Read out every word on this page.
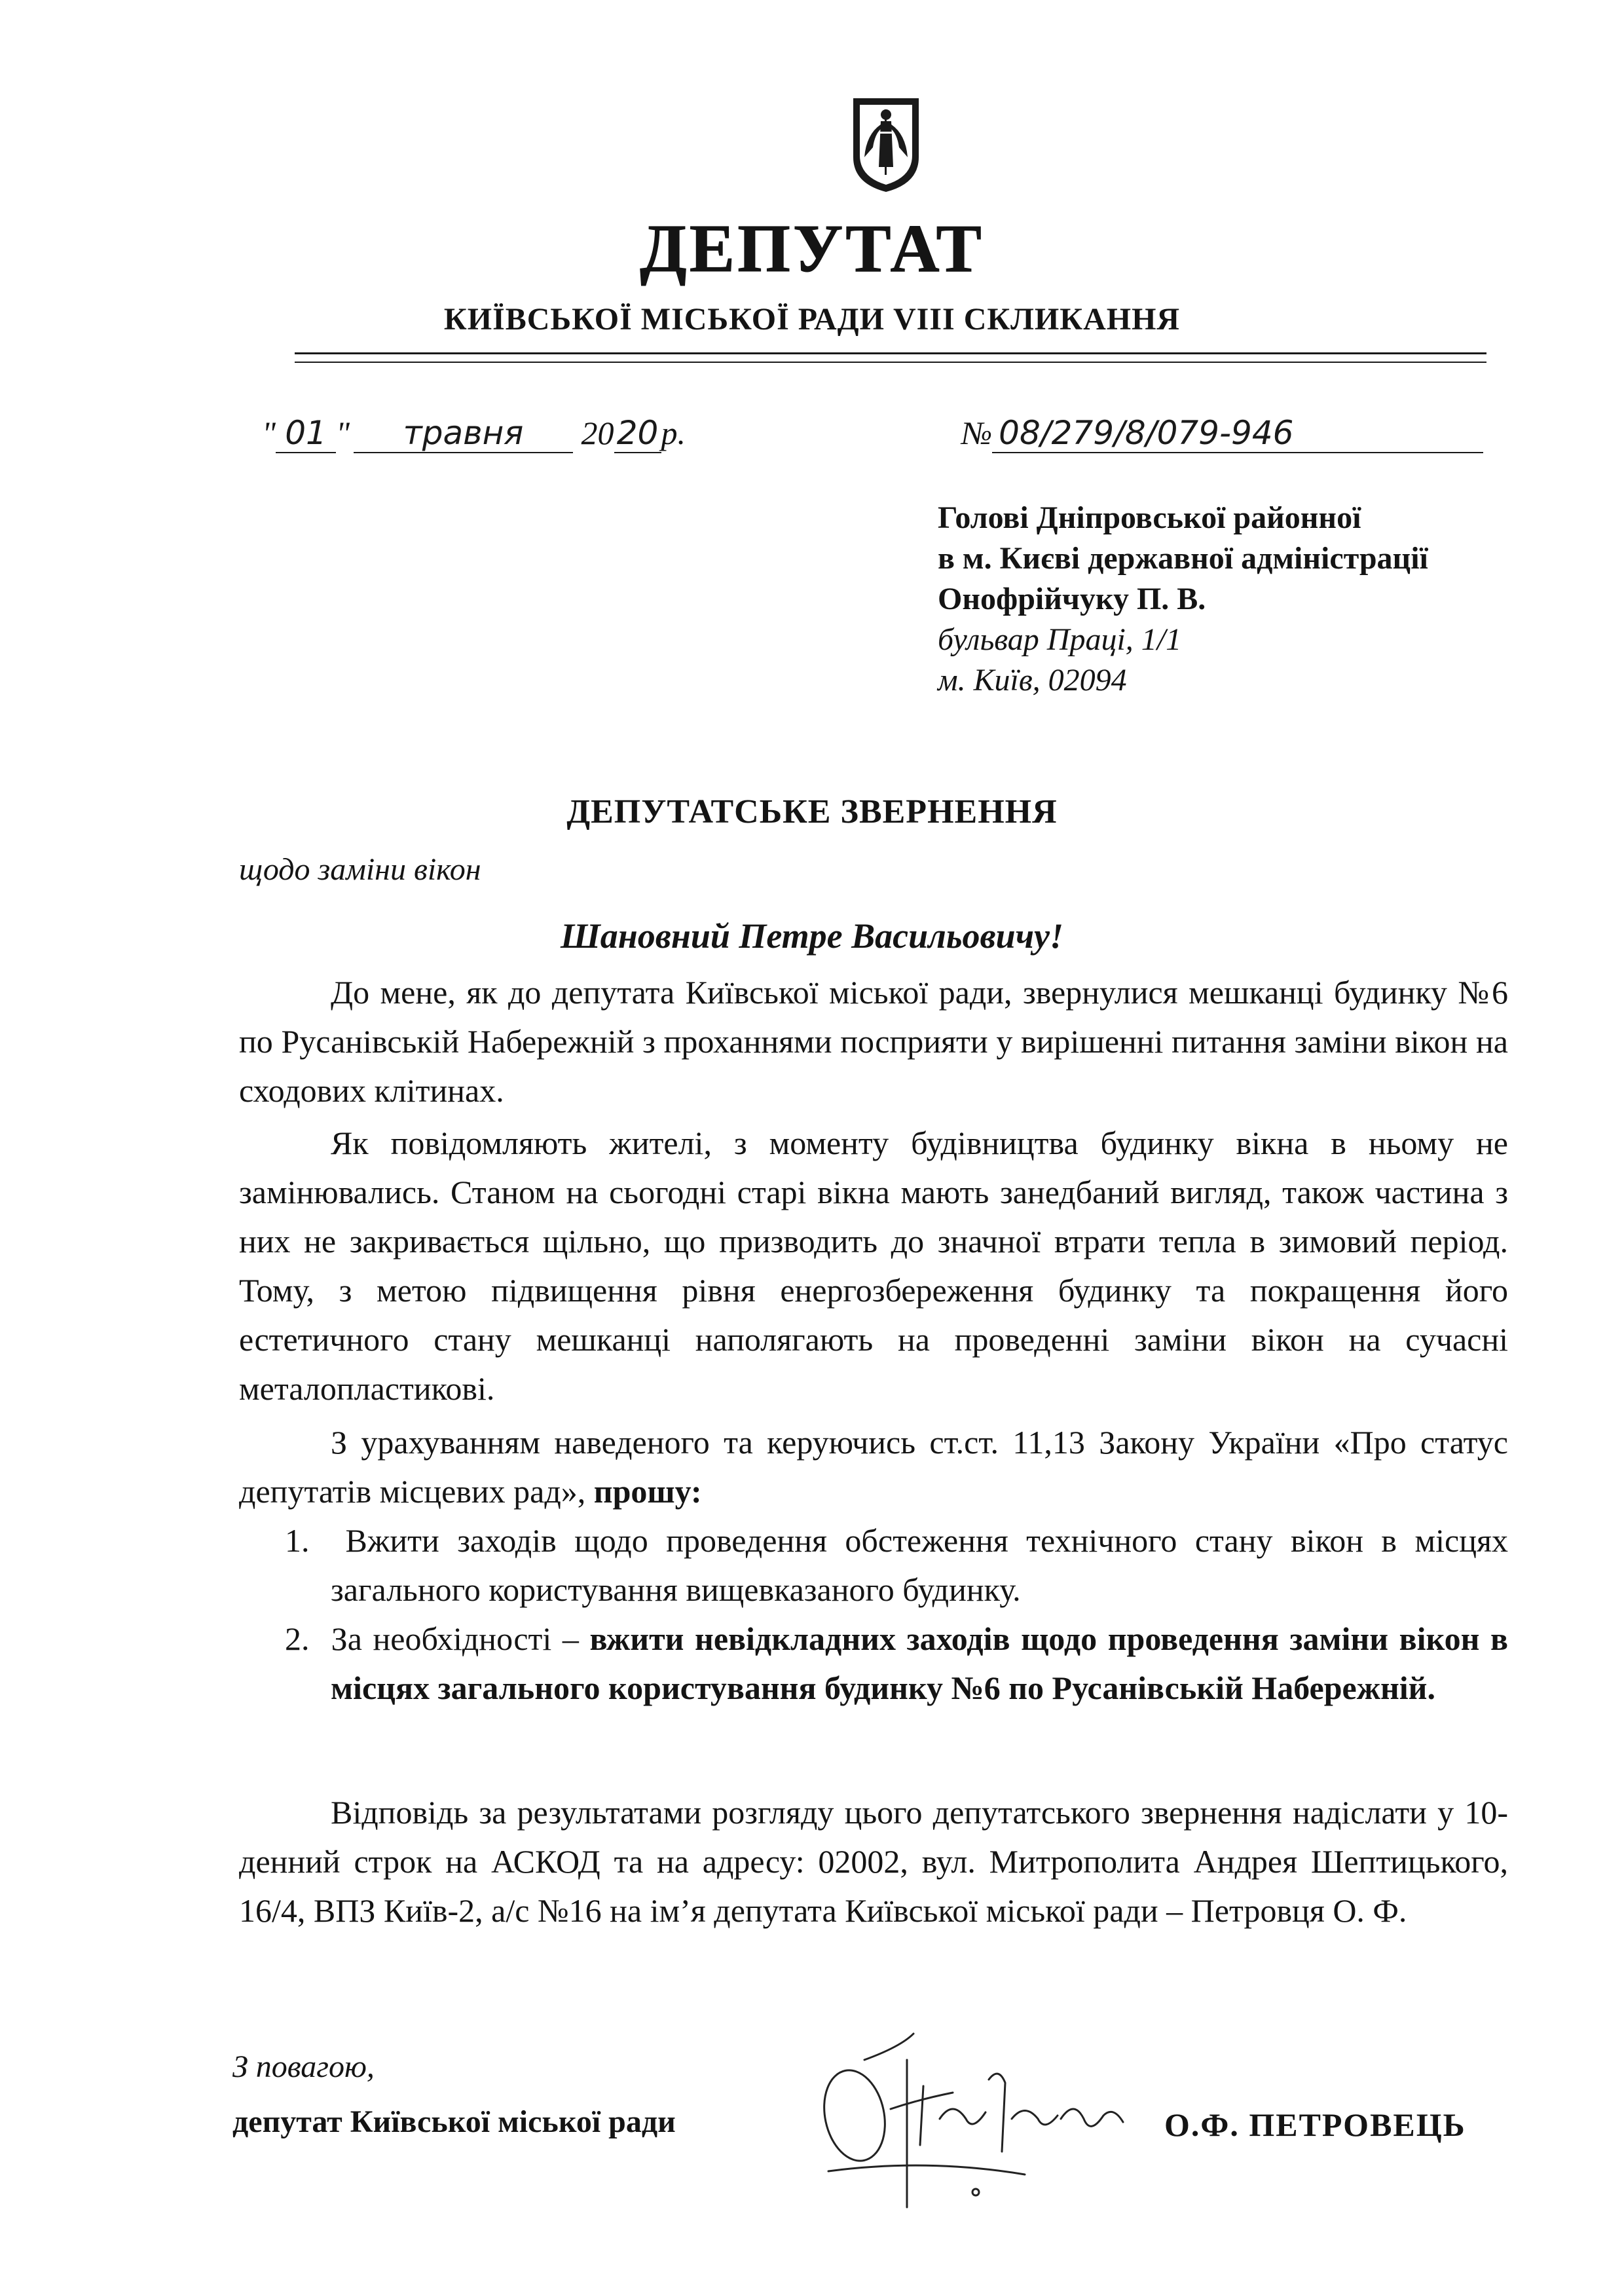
ДЕПУТАТ
КИЇВСЬКОЇ МІСЬКОЇ РАДИ VIII СКЛИКАННЯ
" 01 " травня 2020р.	№ 08/279/8/079-946
Голові Дніпровської районної
в м. Києві державної адміністрації
Онофрійчуку П. В.
бульвар Праці, 1/1
м. Київ, 02094
ДЕПУТАТСЬКЕ ЗВЕРНЕННЯ
щодо заміни вікон
Шановний Петре Васильовичу!
До мене, як до депутата Київської міської ради, звернулися мешканці будинку №6 по Русанівській Набережній з проханнями посприяти у вирішенні питання заміни вікон на сходових клітинах.
Як повідомляють жителі, з моменту будівництва будинку вікна в ньому не замінювались. Станом на сьогодні старі вікна мають занедбаний вигляд, також частина з них не закривається щільно, що призводить до значної втрати тепла в зимовий період. Тому, з метою підвищення рівня енергозбереження будинку та покращення його естетичного стану мешканці наполягають на проведенні заміни вікон на сучасні металопластикові.
З урахуванням наведеного та керуючись ст.ст. 11,13 Закону України «Про статус депутатів місцевих рад», прошу:
1. Вжити заходів щодо проведення обстеження технічного стану вікон в місцях загального користування вищевказаного будинку.
2. За необхідності – вжити невідкладних заходів щодо проведення заміни вікон в місцях загального користування будинку №6 по Русанівській Набережній.
Відповідь за результатами розгляду цього депутатського звернення надіслати у 10-денний строк на АСКОД та на адресу: 02002, вул. Митрополита Андрея Шептицького, 16/4, ВПЗ Київ-2, а/с №16 на ім’я депутата Київської міської ради – Петровця О. Ф.
З повагою,
депутат Київської міської ради	О.Ф. ПЕТРОВЕЦЬ
